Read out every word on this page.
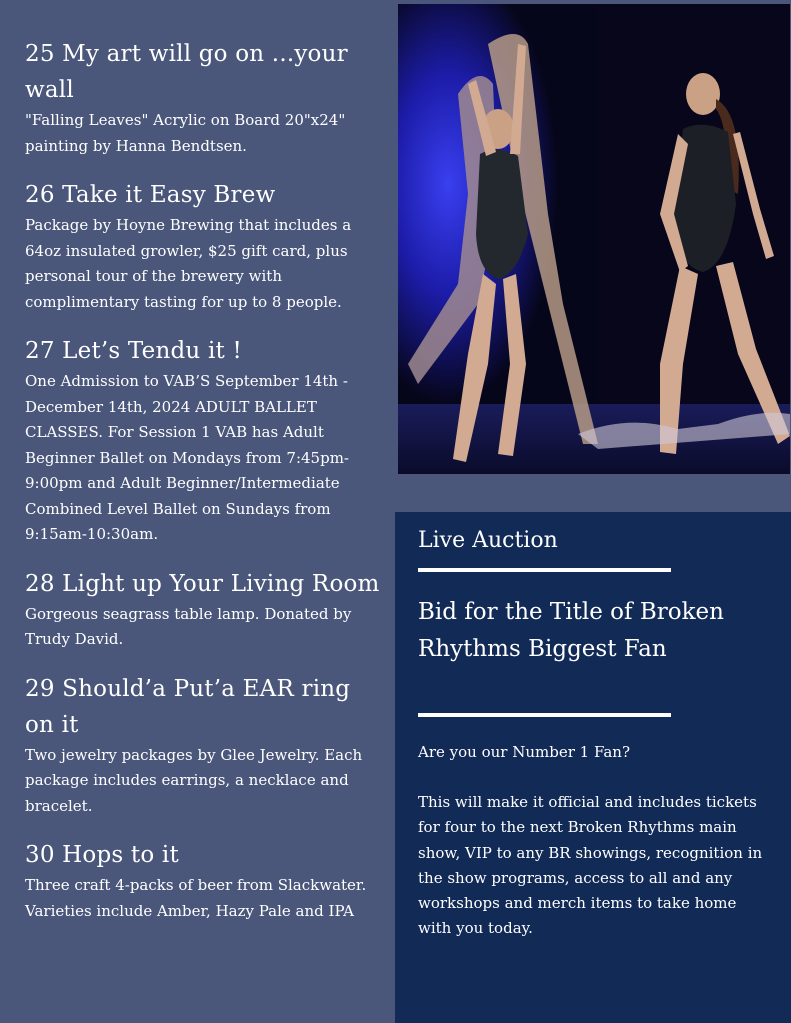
25 My art will go on ...your wall

"Falling Leaves" Acrylic on Board 20"x24" painting by Hanna Bendtsen.

26 Take it Easy Brew

Package by Hoyne Brewing that includes a 64oz insulated growler, $25 gift card, plus personal tour of the brewery with complimentary tasting for up to 8 people.

27 Let’s Tendu it !

One Admission to VAB’S September 14th - December 14th, 2024 ADULT BALLET CLASSES. For Session 1 VAB has Adult Beginner Ballet on Mondays from 7:45pm-9:00pm and Adult Beginner/Intermediate Combined Level Ballet on Sundays from 9:15am-10:30am.

28 Light up Your Living Room

Gorgeous seagrass table lamp. Donated by Trudy David.

29 Should’a Put’a EAR ring on it

Two jewelry packages by Glee Jewelry. Each package includes earrings, a necklace and bracelet.

30 Hops to it

Three craft 4-packs of beer from Slackwater. Varieties include Amber, Hazy Pale and IPA

Live Auction
Bid for the Title of Broken Rhythms Biggest Fan

Are you our Number 1 Fan?

This will make it official and includes tickets for four to the next Broken Rhythms main show, VIP to any BR showings, recognition in the show programs, access to all and any workshops and merch items to take home with you today.
